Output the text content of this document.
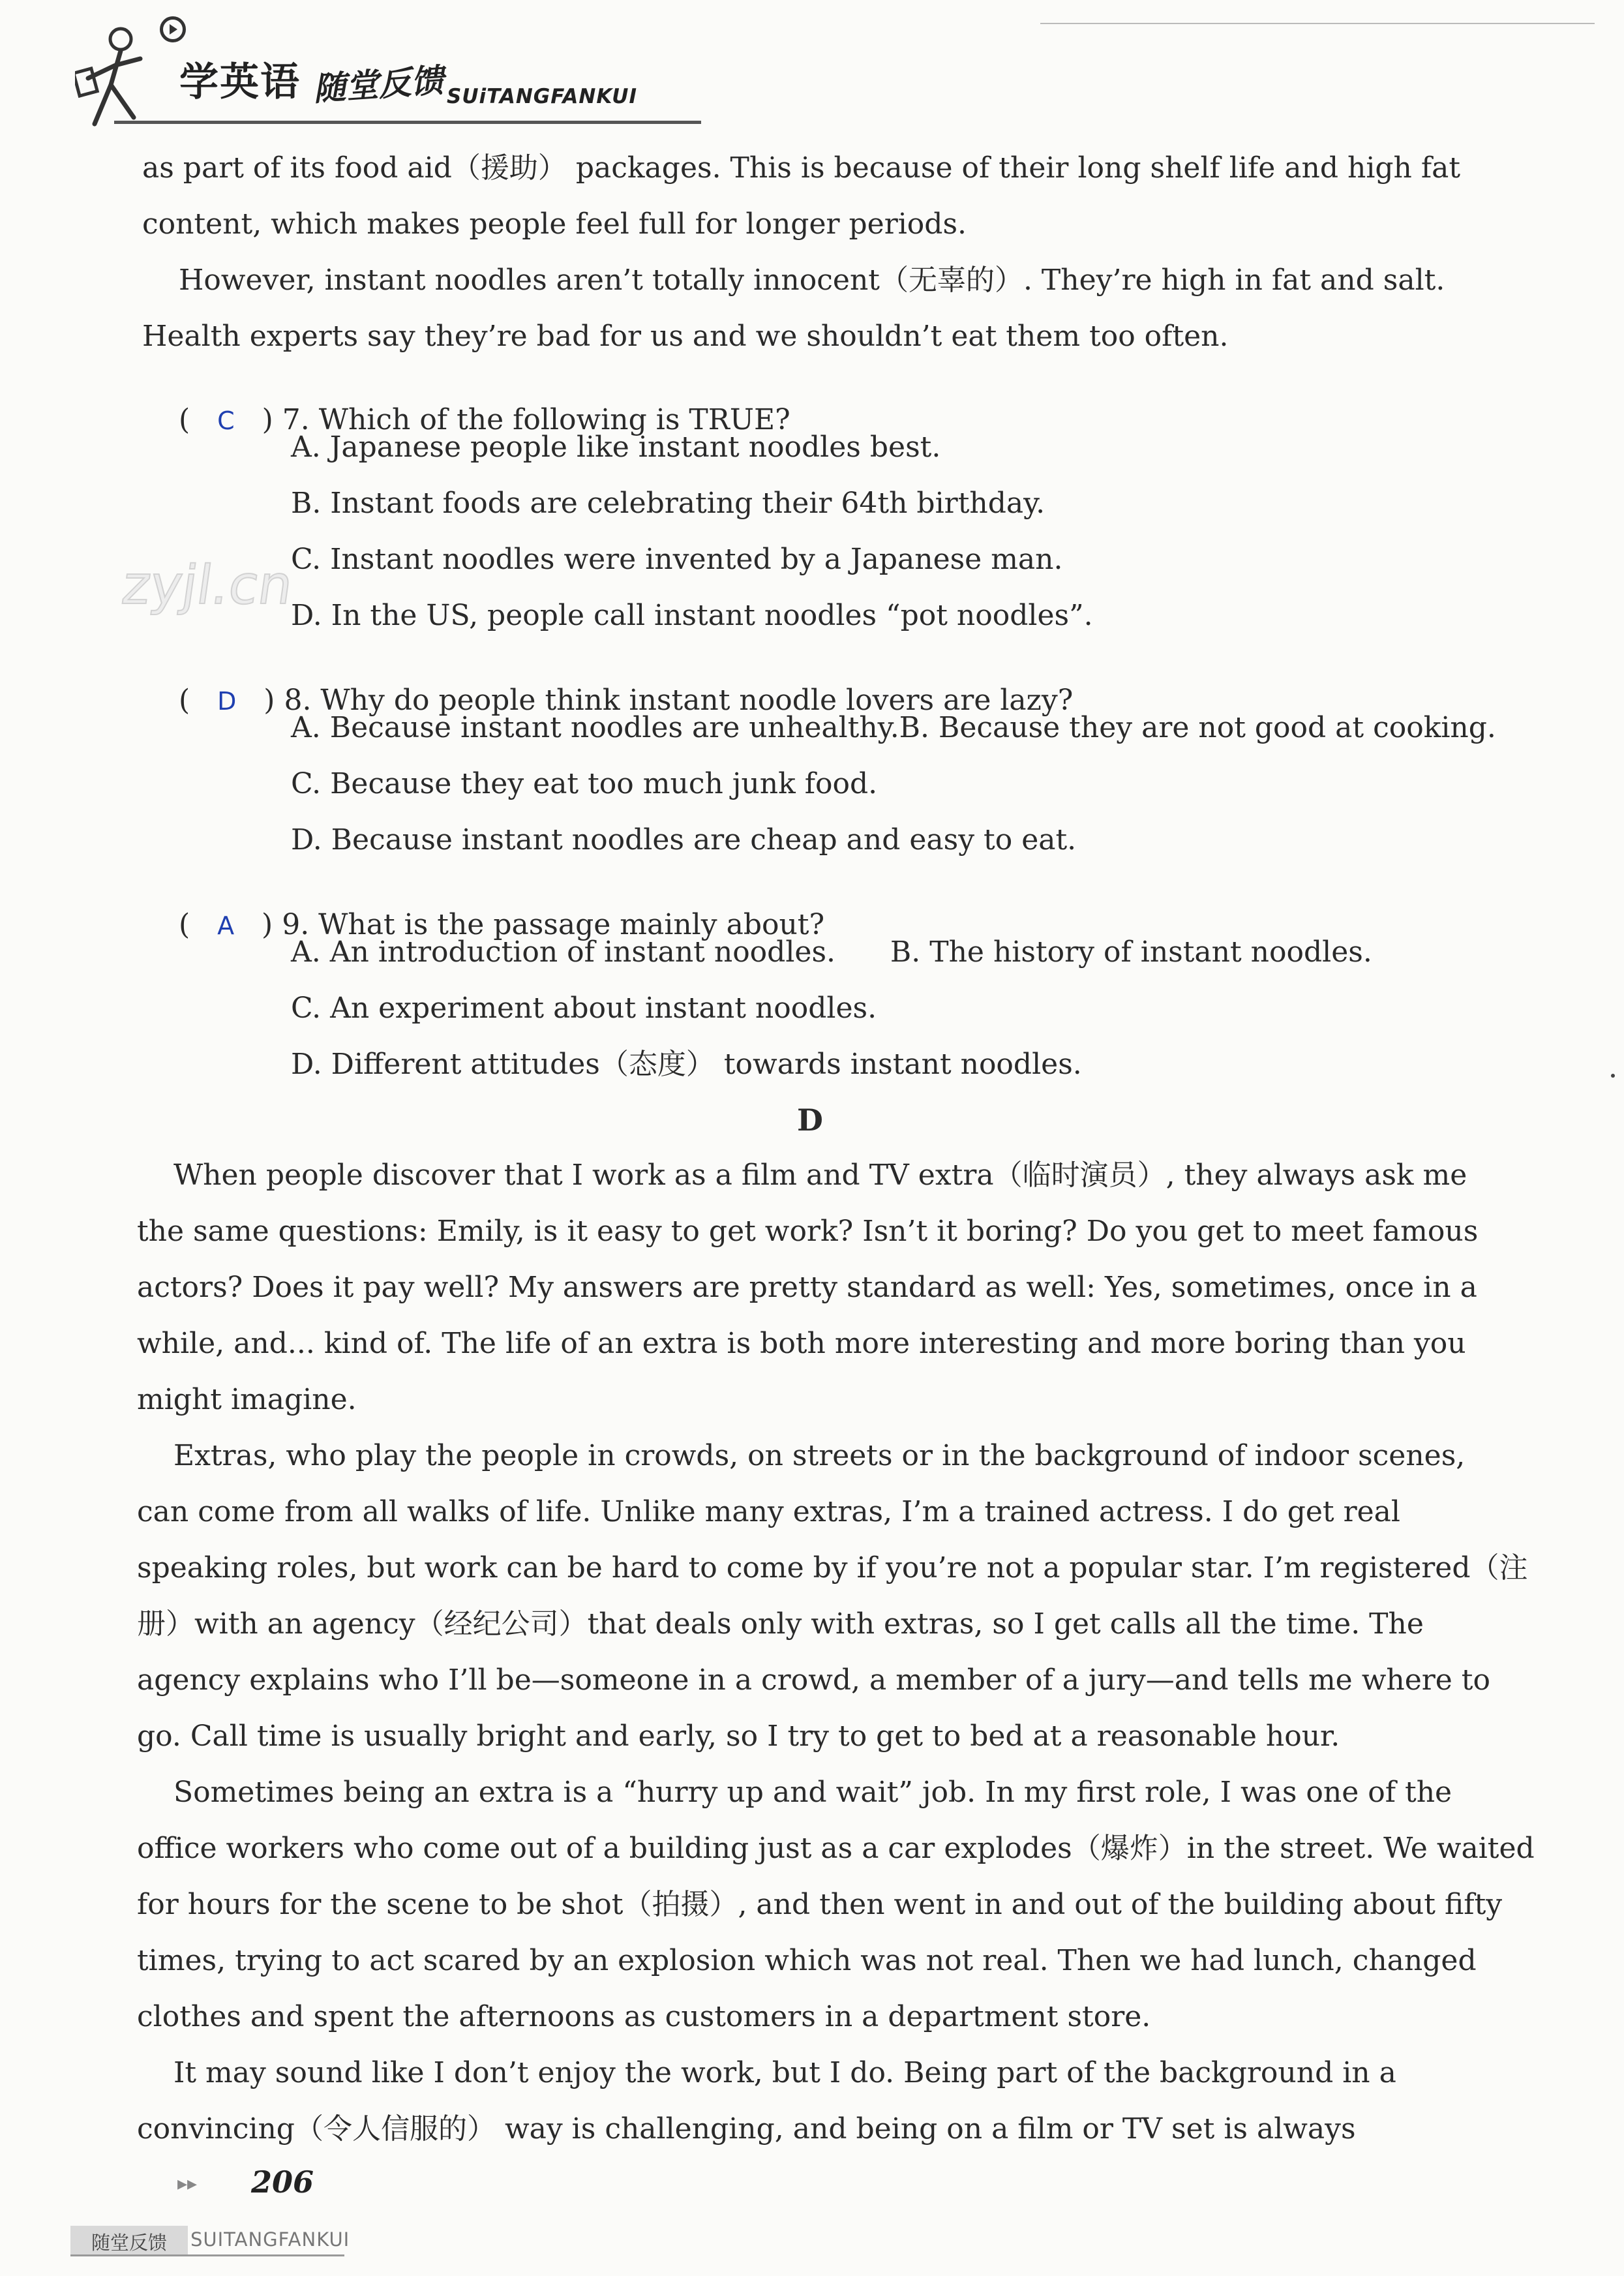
学英语 随堂反馈 SUiTANGFANKUI
zyjl.cn
as part of its food aid（援助） packages. This is because of their long shelf life and high fat
content, which makes people feel full for longer periods.
However, instant noodles aren’t totally innocent（无辜的）. They’re high in fat and salt.
Health experts say they’re bad for us and we shouldn’t eat them too often.

(   C   ) 7. Which of the following is TRUE?

A. Japanese people like instant noodles best.
B. Instant foods are celebrating their 64th birthday.
C. Instant noodles were invented by a Japanese man.
D. In the US, people call instant noodles “pot noodles”.

(   D   ) 8. Why do people think instant noodle lovers are lazy?

A. Because instant noodles are unhealthy.B. Because they are not good at cooking.
C. Because they eat too much junk food.
D. Because instant noodles are cheap and easy to eat.

(   A   ) 9. What is the passage mainly about?

A. An introduction of instant noodles.      B. The history of instant noodles.
C. An experiment about instant noodles.
D. Different attitudes（态度） towards instant noodles.
D
When people discover that I work as a film and TV extra（临时演员）, they always ask me
the same questions: Emily, is it easy to get work? Isn’t it boring? Do you get to meet famous
actors? Does it pay well? My answers are pretty standard as well: Yes, sometimes, once in a
while, and... kind of. The life of an extra is both more interesting and more boring than you
might imagine.
Extras, who play the people in crowds, on streets or in the background of indoor scenes,
can come from all walks of life. Unlike many extras, I’m a trained actress. I do get real
speaking roles, but work can be hard to come by if you’re not a popular star. I’m registered（注
册）with an agency（经纪公司）that deals only with extras, so I get calls all the time. The
agency explains who I’ll be—someone in a crowd, a member of a jury—and tells me where to
go. Call time is usually bright and early, so I try to get to bed at a reasonable hour.
Sometimes being an extra is a “hurry up and wait” job. In my first role, I was one of the
office workers who come out of a building just as a car explodes（爆炸）in the street. We waited
for hours for the scene to be shot（拍摄）, and then went in and out of the building about fifty
times, trying to act scared by an explosion which was not real. Then we had lunch, changed
clothes and spent the afternoons as customers in a department store.
It may sound like I don’t enjoy the work, but I do. Being part of the background in a
convincing（令人信服的） way is challenging, and being on a film or TV set is always
▸▸ 206
随堂反馈	SUITANGFANKUI
